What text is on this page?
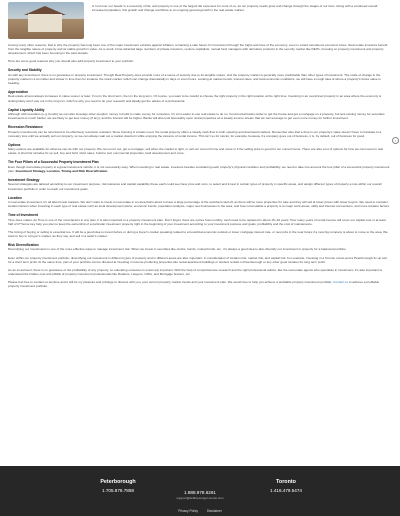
A 'roof over our heads' is a necessity of life, and property is one of the largest life expenses for most of us, as our property needs grow and change through the stages of our lives. Along with a continued overall increased population, this growth and change contribute to an ongoing general growth in the real estate market.

Among many other reasons, that is why the property has long been one of the major investment vehicles against inflation, remaining a safe haven for investment through the highs and lows of the economy, even in extant tumultuous economic times. Real estate investors benefit from the tangible nature of property and its stable growth in value. As a result, it has attracted large numbers of private investors, venture capitalists, mutual fund managers with derivative products in the security market like REITs, focusing on property investment and property development, which has been booming in the past decade.

Here are some good reasons why you should also add property investment to your portfolio:

Security and Stability

As with any investment, there is no guarantee in property investment. Though Real Property does provide more of a sense of security due to its tangible nature, and the property market is generally more predictable than other types of investment. The scale of change in the property market is a lot milder and slower in time than for instance the stock market, which can change dramatically in days or even hours. Looking at market trends, interest rates, and local economic conditions, we will have a rough idea of where a property's future value is heading.

Appreciation

Real estate almost always increases in value sooner or later, if not in the short term, then in the long term. Of course, you want to be careful to choose the right property in the right location at the right time. Investing in an overpriced property in an area where the economy is sinking likely won't pay out in the long run, which is why you need to do your research and ideally get the advice of a professional.

Capital Liquidity Ability

Although with securities (e.g. bonds) we can also leverage other peoples' money to build to make money for ourselves, it's a lot easier to use real estate to do so. Commercial banks prefer to get the house and get a mortgage on a property, but lent-owning money for securities investments is much harder, we are likely to get less money (if any), and the interest will be higher. Banks will also look favourably upon rental properties as a steady income stream that we can leverage to get even more money for further investment.

Recession Resistance

Property investments can be structured to be effectively recession resistant. Since housing is a basic need, the rental property offers a steady cash flow in both upswing and downward markets. Remember also that a drop in our property's value doesn't have to translate to a monetary loss until we actually sell our property, so we can always wait out a market downturn while enjoying the streams of rental income. This isn't so for stocks, for example, because if a company goes out of business, it is, by default, out of business for good.

Options

Many options are available for what we can do with our property. We can rent it out, get a mortgage, sell when the market is right, or sell our current home and move in if the selling price is good for our current home. There are also a lot of options for how we can invest in real estate. A short list includes fix up sell, buy and hold, short sales, build to sell, commercial properties, land development and more.

The Four Pillars of a Successful Property Investment Plan

Even though real estate property is a great investment vehicle, it is not necessarily easy. When investing in real estate, investors besides considering each property's physical condition and profitability, we need to take into account the four pillar of a successful property investment plan: Investment Strategy, Location, Timing and Risk Diversification.

Investment Strategy

Several strategies are tailored according to our investment purpose, risk tolerance and capital capability these each could see have pros and cons, to select and invest in certain types of property in specific areas, and assign different types of property a role within our overall investment portfolio in order to reach our investment goals.

Location

In real estate investment, it's all about local markets. We don't want to invest in real estate in an area that's about to have a large percentage of the workforce laid off, as there will be more properties for sale and they will sell at lower prices with fewer buyers. We need to consider location factors when investing in each type of real estate such as local development plans, economic trends, population analysis, major new businesses in the area, and how commutable a property is to major work areas, utility and internet connections, and more location factors.

Time of Investment

Time does matter. As Time is one of the most factors in any plan, it is also important in a property investment plan. Don't forget, there are cycles how monthly, cash need to be replaced in about 15~20 years. How many years of rental income will cover our capital cost or at least half of it? Some key help you plan to keep the ownership of a particular investment property right in the beginning of your investment according to your investment purpose and goals, profitability and the cost of maintenance.

The timing of buying or selling is essential too. It will be a good idea to invest before or during a buyer's market speaking related to a beneficial economic outlook or lower mortgage interest rate, or new jobs in the near future if a new big company is about to move to the area. We want to buy in a buyer's market, as they say, and sell in a seller's market.

Risk Diversification

Diversifying our investments is one of the more effective ways to manage investment risk. When we invest in securities like stocks, bonds, mutual funds, etc., it's always a good idea to also diversify our investment in property for a balanced portfolio.

Even within our property investment portfolio, diversifying our investment in different types of property and in different areas are also important. In consideration of location risk, market risk, and capital risk. For example, investing in a Toronto condo and a Peterborough fix-up sell for a short term profit. At the same time, part of your portfolio can be directed at investing in income-producing properties like rental apartment buildings or student rentals in Peterborough or any other good location for long term profit.

As an investment, there is no guarantee of the profitability of any property, so educating ourselves is extremely important. With the help of comprehensive research and the right professional advice, like the real estate agents who specialize in investment, it's also important to understand the hidden cost and pitfalls of property investment professionals like Realtors, Lawyers, CPAs, and Mortgage brokers, etc.

Please feel free to contact us anytime and it will be my pleasure and privilege to discuss with you, your current property market trends and your investment plan. We would love to help you achieve a profitable property investment portfolio. Contact us to achieve a profitable property investment portfolio.

›
Peterborough
1.705.876.7858	1.888.978.6261
support@debbie-kruger.remax.com
Toronto
1.416.479.5474
Privacy Policy	Disclaimer
